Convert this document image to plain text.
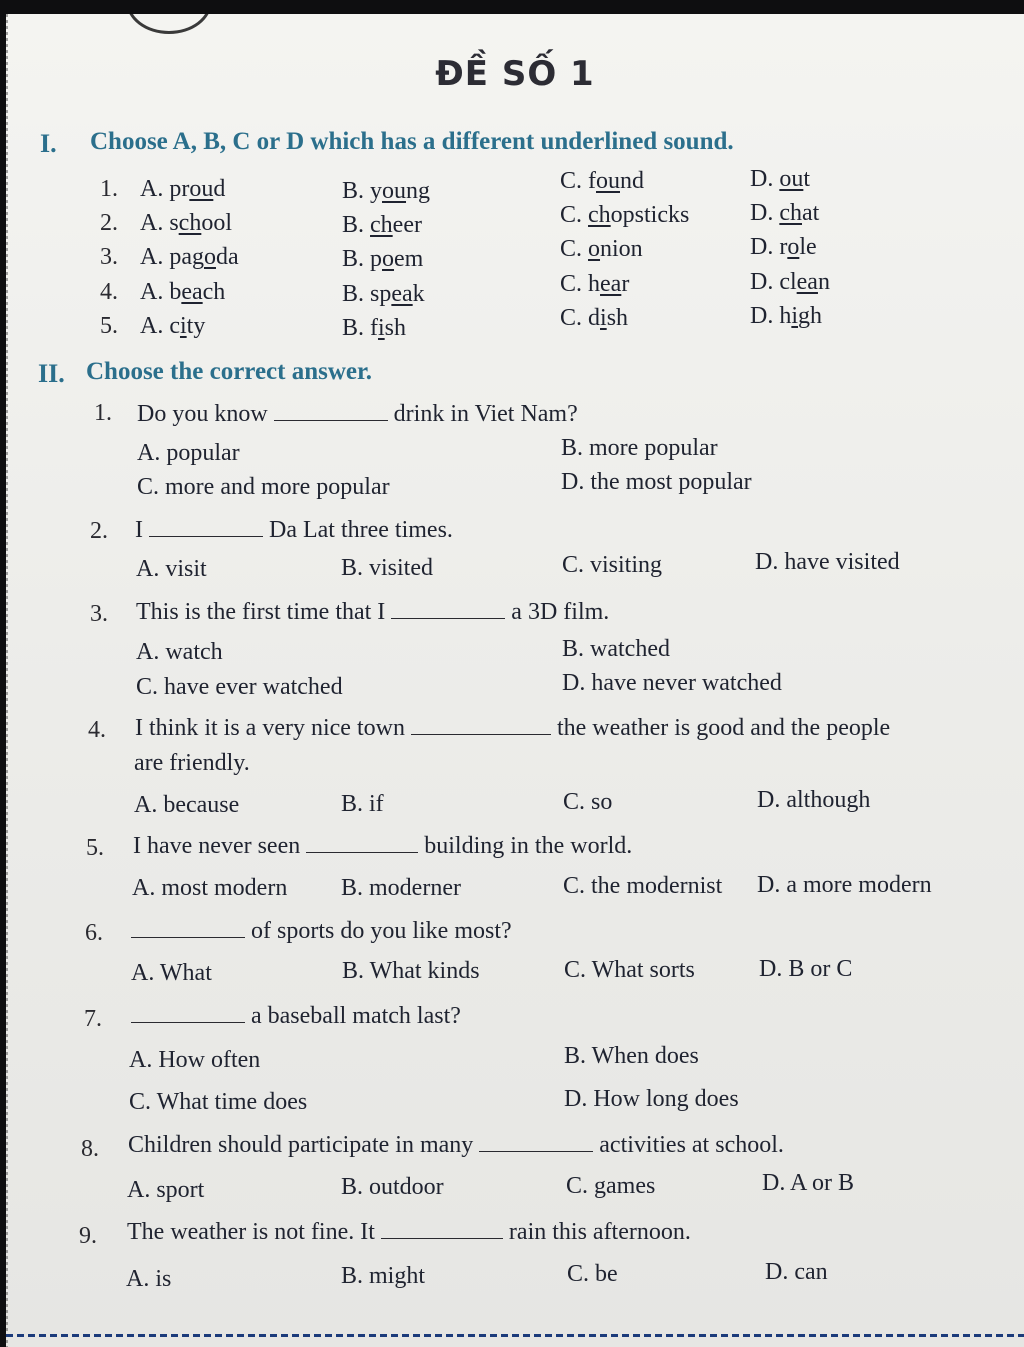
ĐỀ SỐ 1
I. Choose A, B, C or D which has a different underlined sound.
1. A. proud	B. young	C. found	D. out
2. A. school	B. cheer	C. chopsticks	D. chat
3. A. pagoda	B. poem	C. onion	D. role
4. A. beach	B. speak	C. hear	D. clean
5. A. city	B. fish	C. dish	D. high
II. Choose the correct answer.
1. Do you know	drink in Viet Nam?
A. popular	B. more popular
C. more and more popular	D. the most popular
2. I	Da Lat three times.
A. visit	B. visited	C. visiting	D. have visited
3. This is the first time that I	a 3D film.
A. watch	B. watched
C. have ever watched	D. have never watched
4. I think it is a very nice town	the weather is good and the people
are friendly.
A. because	B. if	C. so	D. although
5. I have never seen	building in the world.
A. most modern B. moderner	C. the modernist D. a more modern
6.	of sports do you like most?
A. What	B. What kinds	C. What sorts	D. B or C
7.	a baseball match last?
A. How often	B. When does
C. What time does	D. How long does
8. Children should participate in many	activities at school.
A. sport	B. outdoor	C. games	D. A or B
9. The weather is not fine. It	rain this afternoon.
A. is	B. might	C. be	D. can
